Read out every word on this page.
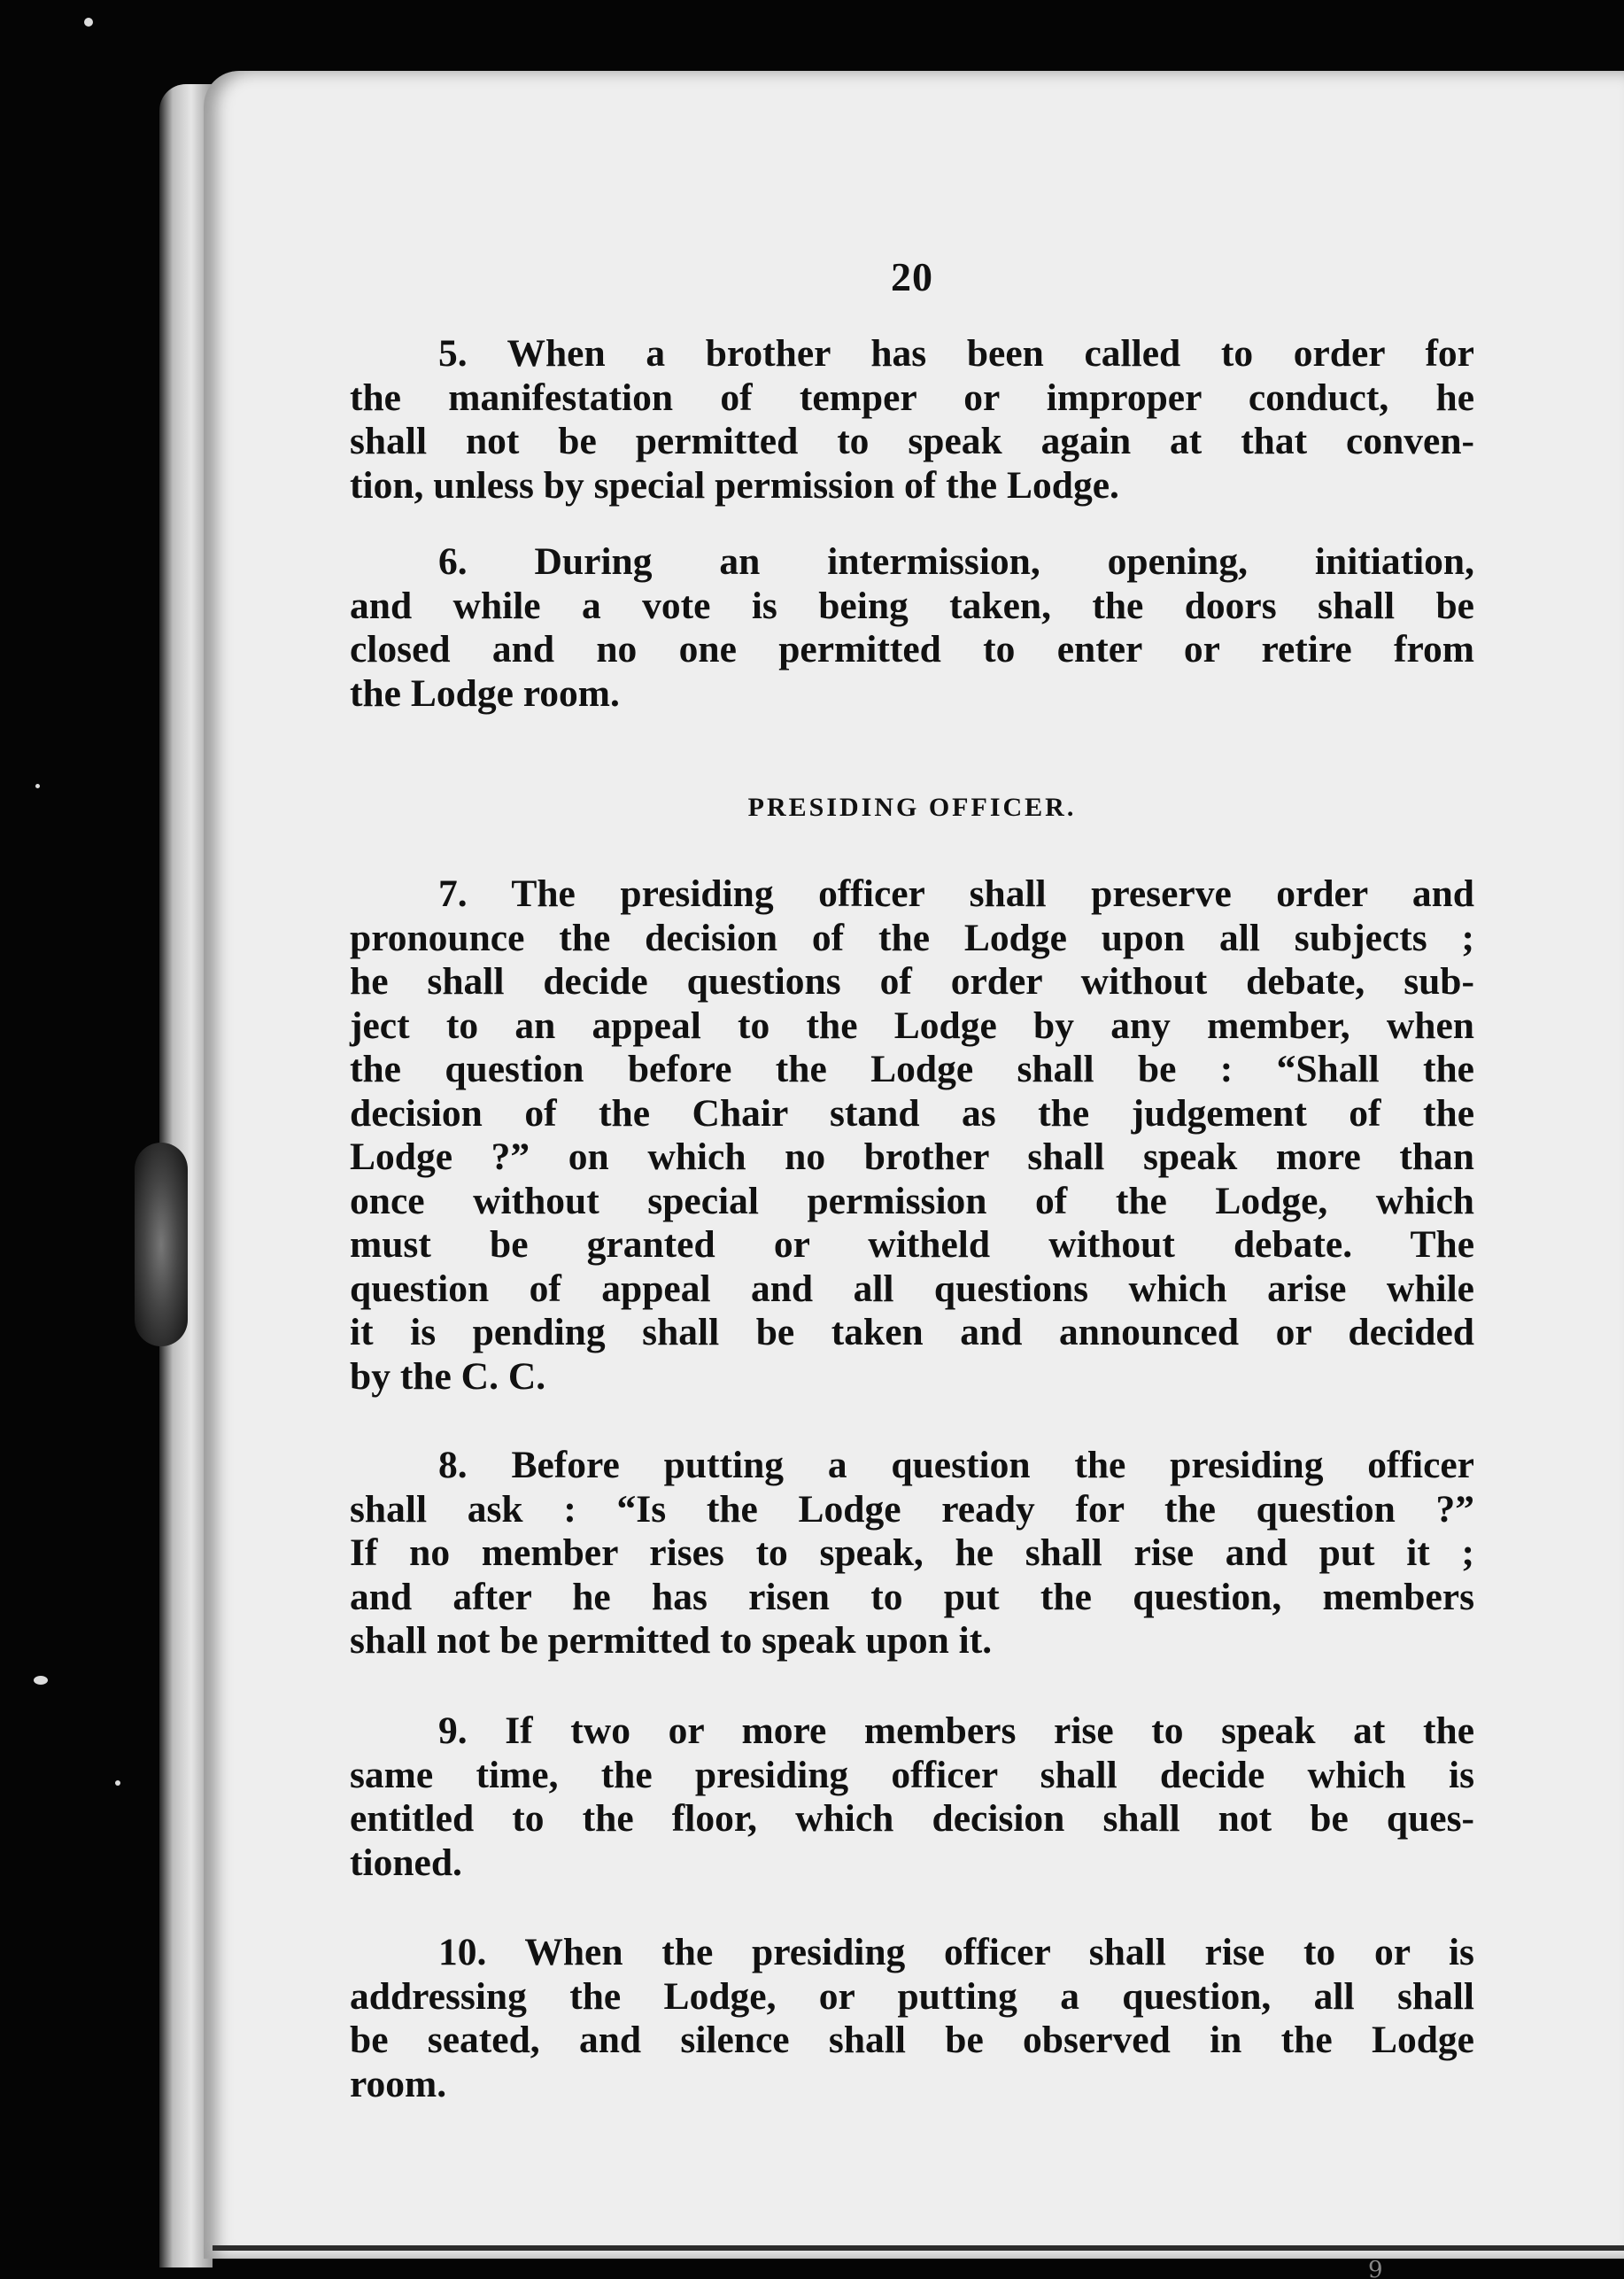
20
5. When a brother has been called to order for
the manifestation of temper or improper conduct, he
shall not be permitted to speak again at that conven-
tion, unless by special permission of the Lodge.
6. During an intermission, opening, initiation,
and while a vote is being taken, the doors shall be
closed and no one permitted to enter or retire from
the Lodge room.
PRESIDING OFFICER.
7. The presiding officer shall preserve order and
pronounce the decision of the Lodge upon all subjects ;
he shall decide questions of order without debate, sub-
ject to an appeal to the Lodge by any member, when
the question before the Lodge shall be : “Shall the
decision of the Chair stand as the judgement of the
Lodge ?” on which no brother shall speak more than
once without special permission of the Lodge, which
must be granted or witheld without debate. The
question of appeal and all questions which arise while
it is pending shall be taken and announced or decided
by the C. C.
8. Before putting a question the presiding officer
shall ask : “Is the Lodge ready for the question ?”
If no member rises to speak, he shall rise and put it ;
and after he has risen to put the question, members
shall not be permitted to speak upon it.
9. If two or more members rise to speak at the
same time, the presiding officer shall decide which is
entitled to the floor, which decision shall not be ques-
tioned.
10. When the presiding officer shall rise to or is
addressing the Lodge, or putting a question, all shall
be seated, and silence shall be observed in the Lodge
room.
9
